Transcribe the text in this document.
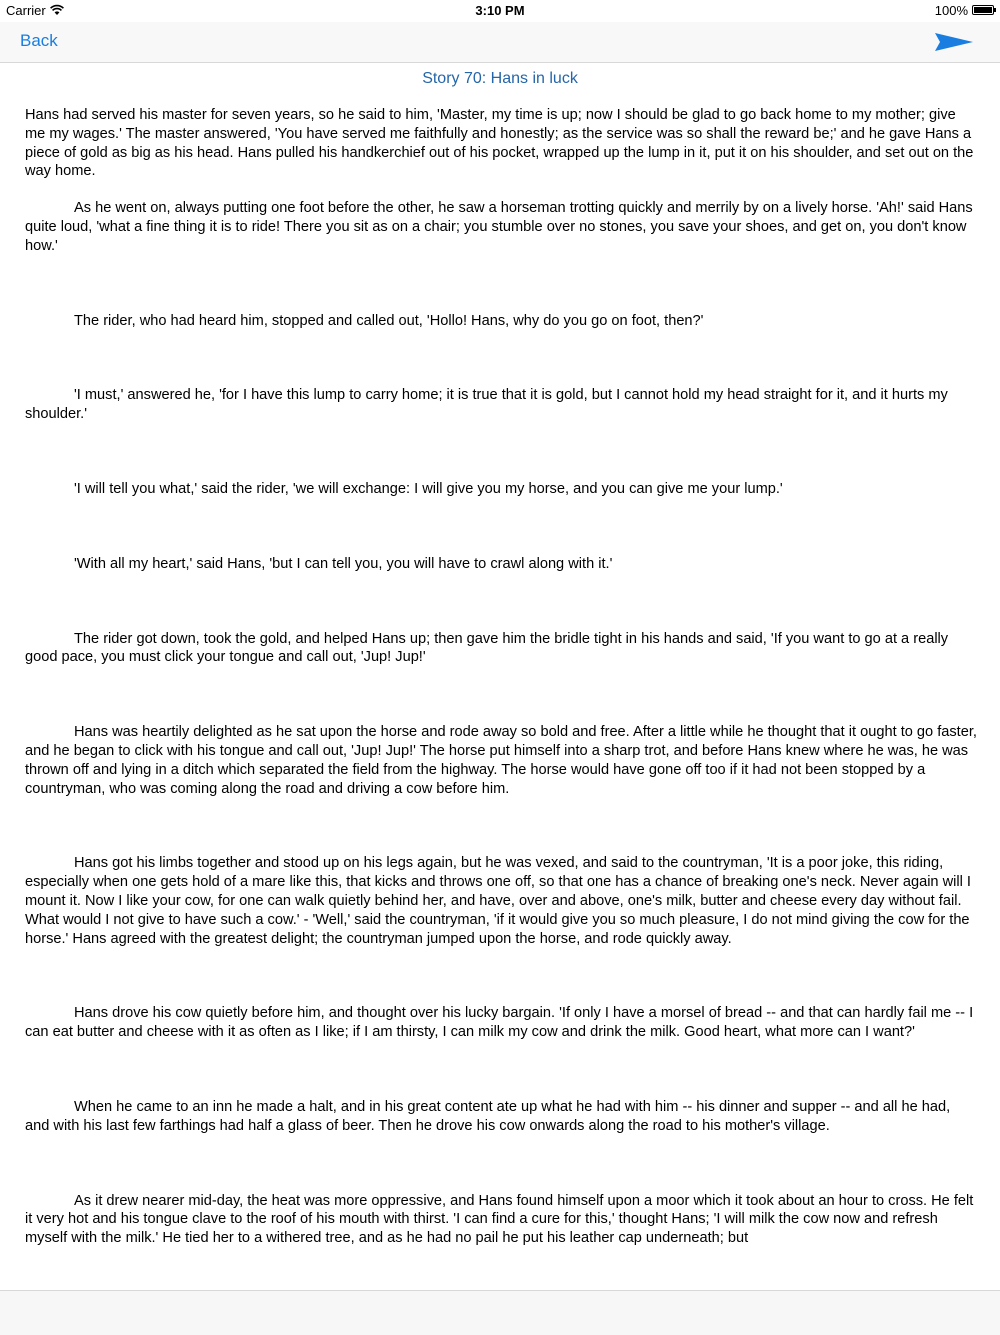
Carrier	3:10 PM	100%
Back
Story 70: Hans in luck

Hans had served his master for seven years, so he said to him, 'Master, my time is up; now I should be glad to go back home to my mother; give me my wages.' The master answered, 'You have served me faithfully and honestly; as the service was so shall the reward be;' and he gave Hans a piece of gold as big as his head. Hans pulled his handkerchief out of his pocket, wrapped up the lump in it, put it on his shoulder, and set out on the way home.

As he went on, always putting one foot before the other, he saw a horseman trotting quickly and merrily by on a lively horse. 'Ah!' said Hans quite loud, 'what a fine thing it is to ride! There you sit as on a chair; you stumble over no stones, you save your shoes, and get on, you don't know how.'

The rider, who had heard him, stopped and called out, 'Hollo! Hans, why do you go on foot, then?'

'I must,' answered he, 'for I have this lump to carry home; it is true that it is gold, but I cannot hold my head straight for it, and it hurts my shoulder.'

'I will tell you what,' said the rider, 'we will exchange: I will give you my horse, and you can give me your lump.'

'With all my heart,' said Hans, 'but I can tell you, you will have to crawl along with it.'

The rider got down, took the gold, and helped Hans up; then gave him the bridle tight in his hands and said, 'If you want to go at a really good pace, you must click your tongue and call out, 'Jup! Jup!'

Hans was heartily delighted as he sat upon the horse and rode away so bold and free. After a little while he thought that it ought to go faster, and he began to click with his tongue and call out, 'Jup! Jup!' The horse put himself into a sharp trot, and before Hans knew where he was, he was thrown off and lying in a ditch which separated the field from the highway. The horse would have gone off too if it had not been stopped by a countryman, who was coming along the road and driving a cow before him.

Hans got his limbs together and stood up on his legs again, but he was vexed, and said to the countryman, 'It is a poor joke, this riding, especially when one gets hold of a mare like this, that kicks and throws one off, so that one has a chance of breaking one's neck. Never again will I mount it. Now I like your cow, for one can walk quietly behind her, and have, over and above, one's milk, butter and cheese every day without fail. What would I not give to have such a cow.' - 'Well,' said the countryman, 'if it would give you so much pleasure, I do not mind giving the cow for the horse.' Hans agreed with the greatest delight; the countryman jumped upon the horse, and rode quickly away.

Hans drove his cow quietly before him, and thought over his lucky bargain. 'If only I have a morsel of bread -- and that can hardly fail me -- I can eat butter and cheese with it as often as I like; if I am thirsty, I can milk my cow and drink the milk. Good heart, what more can I want?'

When he came to an inn he made a halt, and in his great content ate up what he had with him -- his dinner and supper -- and all he had, and with his last few farthings had half a glass of beer. Then he drove his cow onwards along the road to his mother's village.

As it drew nearer mid-day, the heat was more oppressive, and Hans found himself upon a moor which it took about an hour to cross. He felt it very hot and his tongue clave to the roof of his mouth with thirst. 'I can find a cure for this,' thought Hans; 'I will milk the cow now and refresh myself with the milk.' He tied her to a withered tree, and as he had no pail he put his leather cap underneath; but
